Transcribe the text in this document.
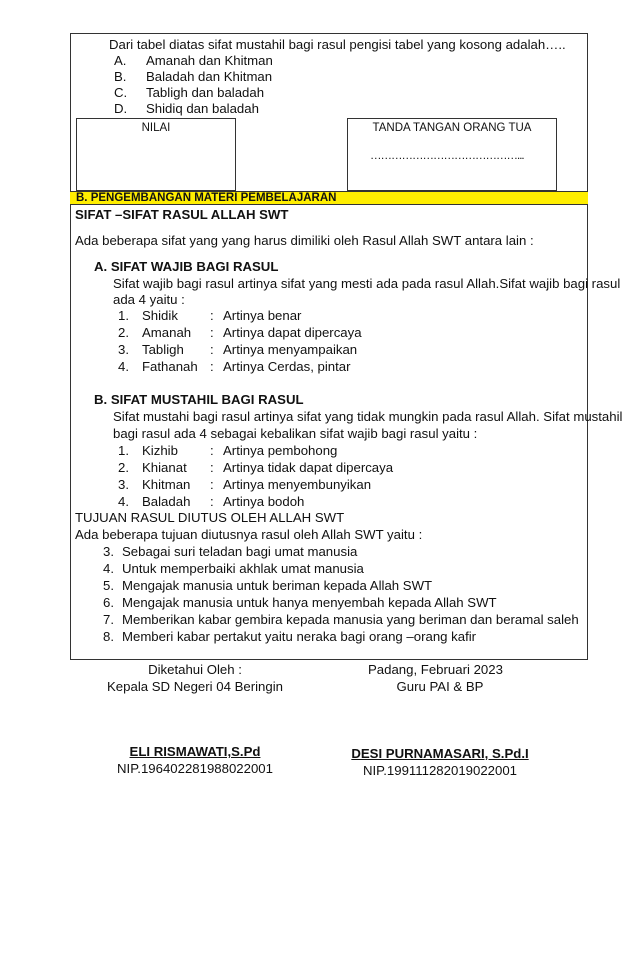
Dari tabel diatas sifat mustahil bagi rasul pengisi tabel yang kosong adalah…..
A. Amanah dan Khitman
B. Baladah dan Khitman
C. Tabligh dan baladah
D. Shidiq dan baladah
NILAI	TANDA TANGAN ORANG TUA
……………………………………...
B. PENGEMBANGAN MATERI PEMBELAJARAN
SIFAT –SIFAT RASUL ALLAH SWT
Ada beberapa sifat yang yang harus dimiliki oleh Rasul Allah SWT antara lain :
A. SIFAT WAJIB BAGI RASUL
Sifat wajib bagi rasul artinya sifat yang mesti ada pada rasul Allah.Sifat wajib bagi rasul
ada 4 yaitu :
1. Shidik : Artinya benar
2. Amanah : Artinya dapat dipercaya
3. Tabligh : Artinya menyampaikan
4. Fathanah : Artinya Cerdas, pintar
B. SIFAT MUSTAHIL BAGI RASUL
Sifat mustahi bagi rasul artinya sifat yang tidak mungkin pada rasul Allah. Sifat mustahil
bagi rasul ada 4 sebagai kebalikan sifat wajib bagi rasul yaitu :
1. Kizhib : Artinya pembohong
2. Khianat : Artinya tidak dapat dipercaya
3. Khitman : Artinya menyembunyikan
4. Baladah : Artinya bodoh
TUJUAN RASUL DIUTUS OLEH ALLAH SWT
Ada beberapa tujuan diutusnya rasul oleh Allah SWT yaitu :
3. Sebagai suri teladan bagi umat manusia
4. Untuk memperbaiki akhlak umat manusia
5. Mengajak manusia untuk beriman kepada Allah SWT
6. Mengajak manusia untuk hanya menyembah kepada Allah SWT
7. Memberikan kabar gembira kepada manusia yang beriman dan beramal saleh
8. Memberi kabar pertakut yaitu neraka bagi orang –orang kafir
Diketahui Oleh :
Kepala SD Negeri 04 Beringin
ELI RISMAWATI,S.Pd
NIP.196402281988022001
Padang, Februari 2023
Guru PAI & BP
DESI PURNAMASARI, S.Pd.I
NIP.199111282019022001
